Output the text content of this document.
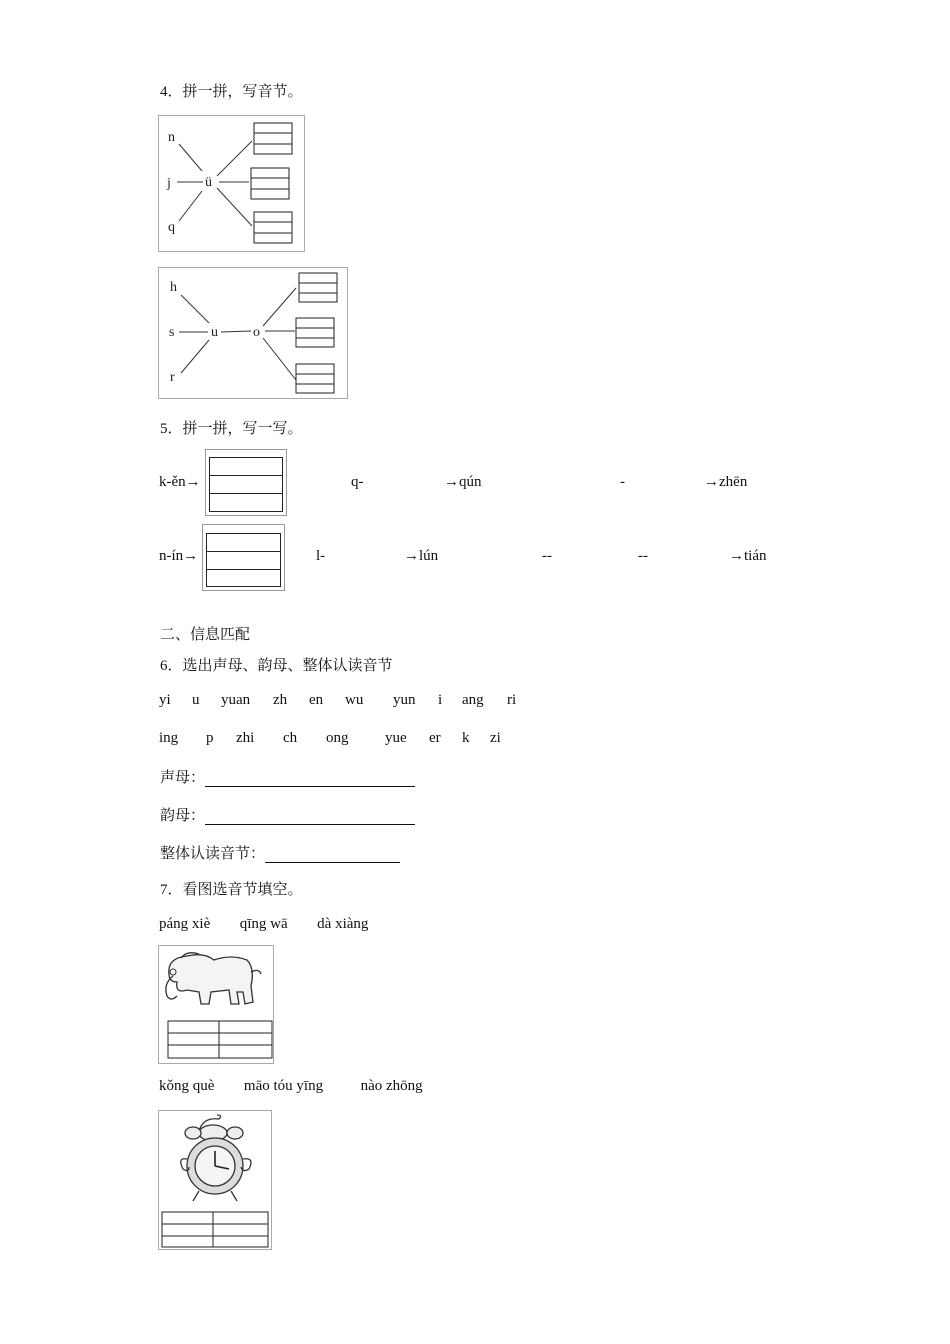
4．拼一拼，写音节。
n
j
q
ü
h
s
r
u	o
5．拼一拼，写一写。
k-ěn→	q-	→qún	-	→zhēn
n-ín→	l-	→lún	--	--	→tián
二、信息匹配
6．选出声母、韵母、整体认读音节
yi u yuan zh en wu yun i ang ri
ing p zhi ch ong yue er k zi
声母：
韵母：
整体认读音节：
7．看图选音节填空。
páng xiè qīng wā dà xiàng
kǒng què māo tóu yīng	nào zhōng
